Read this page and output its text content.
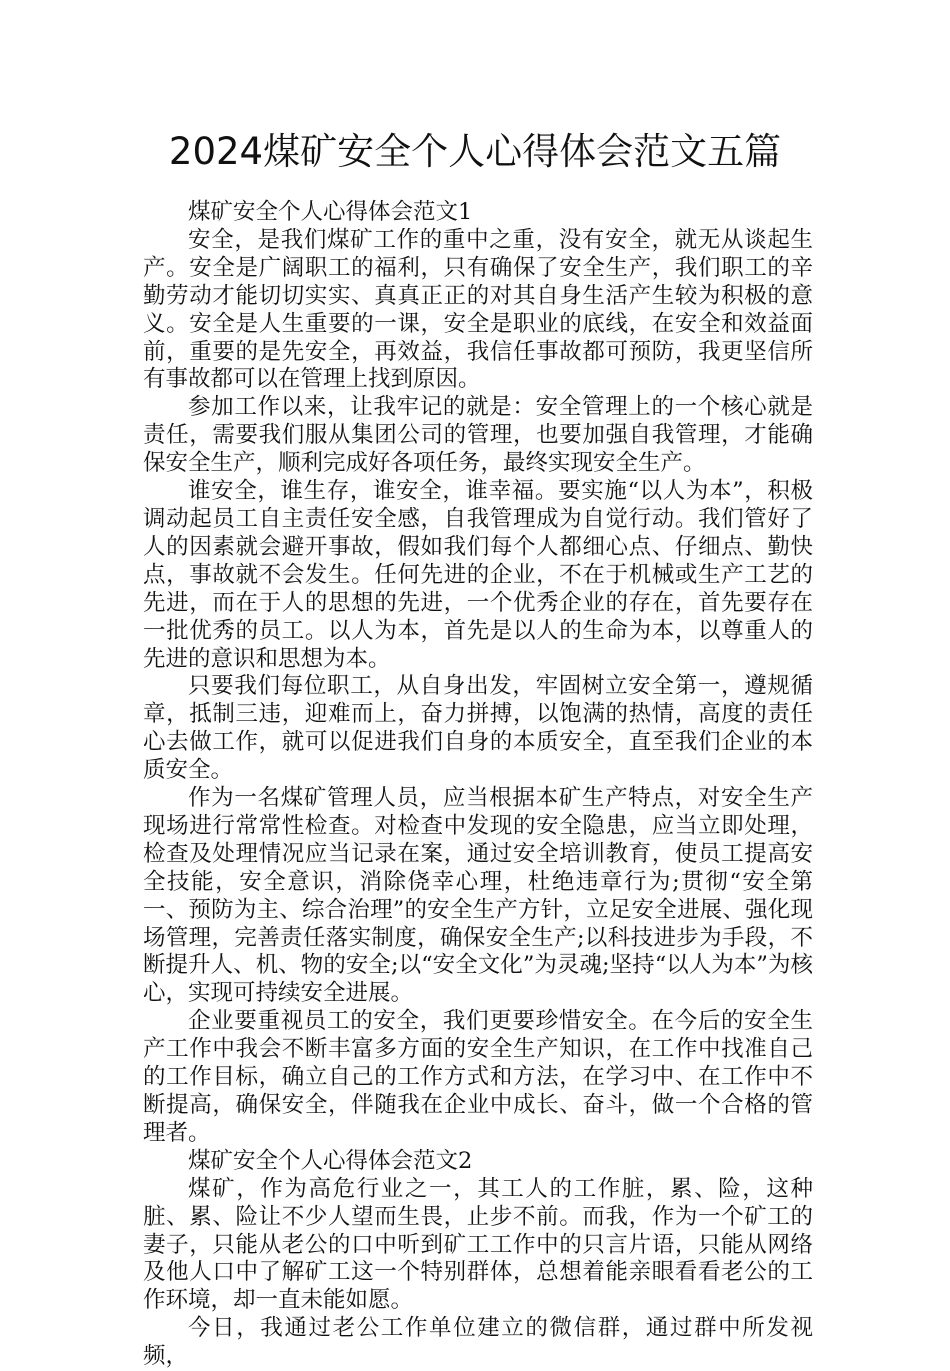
2024煤矿安全个人心得体会范文五篇

煤矿安全个人心得体会范文1

安全，是我们煤矿工作的重中之重，没有安全，就无从谈起生产。安全是广阔职工的福利，只有确保了安全生产，我们职工的辛勤劳动才能切切实实、真真正正的对其自身生活产生较为积极的意义。安全是人生重要的一课，安全是职业的底线，在安全和效益面前，重要的是先安全，再效益，我信任事故都可预防，我更坚信所有事故都可以在管理上找到原因。

参加工作以来，让我牢记的就是：安全管理上的一个核心就是责任，需要我们服从集团公司的管理，也要加强自我管理，才能确保安全生产，顺利完成好各项任务，最终实现安全生产。

谁安全，谁生存，谁安全，谁幸福。要实施“以人为本”，积极调动起员工自主责任安全感，自我管理成为自觉行动。我们管好了人的因素就会避开事故，假如我们每个人都细心点、仔细点、勤快点，事故就不会发生。任何先进的企业，不在于机械或生产工艺的先进，而在于人的思想的先进，一个优秀企业的存在，首先要存在一批优秀的员工。以人为本，首先是以人的生命为本，以尊重人的先进的意识和思想为本。

只要我们每位职工，从自身出发，牢固树立安全第一，遵规循章，抵制三违，迎难而上，奋力拼搏，以饱满的热情，高度的责任心去做工作，就可以促进我们自身的本质安全，直至我们企业的本质安全。

作为一名煤矿管理人员，应当根据本矿生产特点，对安全生产现场进行常常性检查。对检查中发现的安全隐患，应当立即处理，检查及处理情况应当记录在案，通过安全培训教育，使员工提高安全技能，安全意识，消除侥幸心理，杜绝违章行为;贯彻“安全第一、预防为主、综合治理”的安全生产方针，立足安全进展、强化现场管理，完善责任落实制度，确保安全生产;以科技进步为手段，不断提升人、机、物的安全;以“安全文化”为灵魂;坚持“以人为本”为核心，实现可持续安全进展。

企业要重视员工的安全，我们更要珍惜安全。在今后的安全生产工作中我会不断丰富多方面的安全生产知识，在工作中找准自己的工作目标，确立自己的工作方式和方法，在学习中、在工作中不断提高，确保安全，伴随我在企业中成长、奋斗，做一个合格的管理者。

煤矿安全个人心得体会范文2

煤矿，作为高危行业之一，其工人的工作脏，累、险，这种脏、累、险让不少人望而生畏，止步不前。而我，作为一个矿工的妻子，只能从老公的口中听到矿工工作中的只言片语，只能从网络及他人口中了解矿工这一个特别群体，总想着能亲眼看看老公的工作环境，却一直未能如愿。

今日，我通过老公工作单位建立的微信群，通过群中所发视频，
